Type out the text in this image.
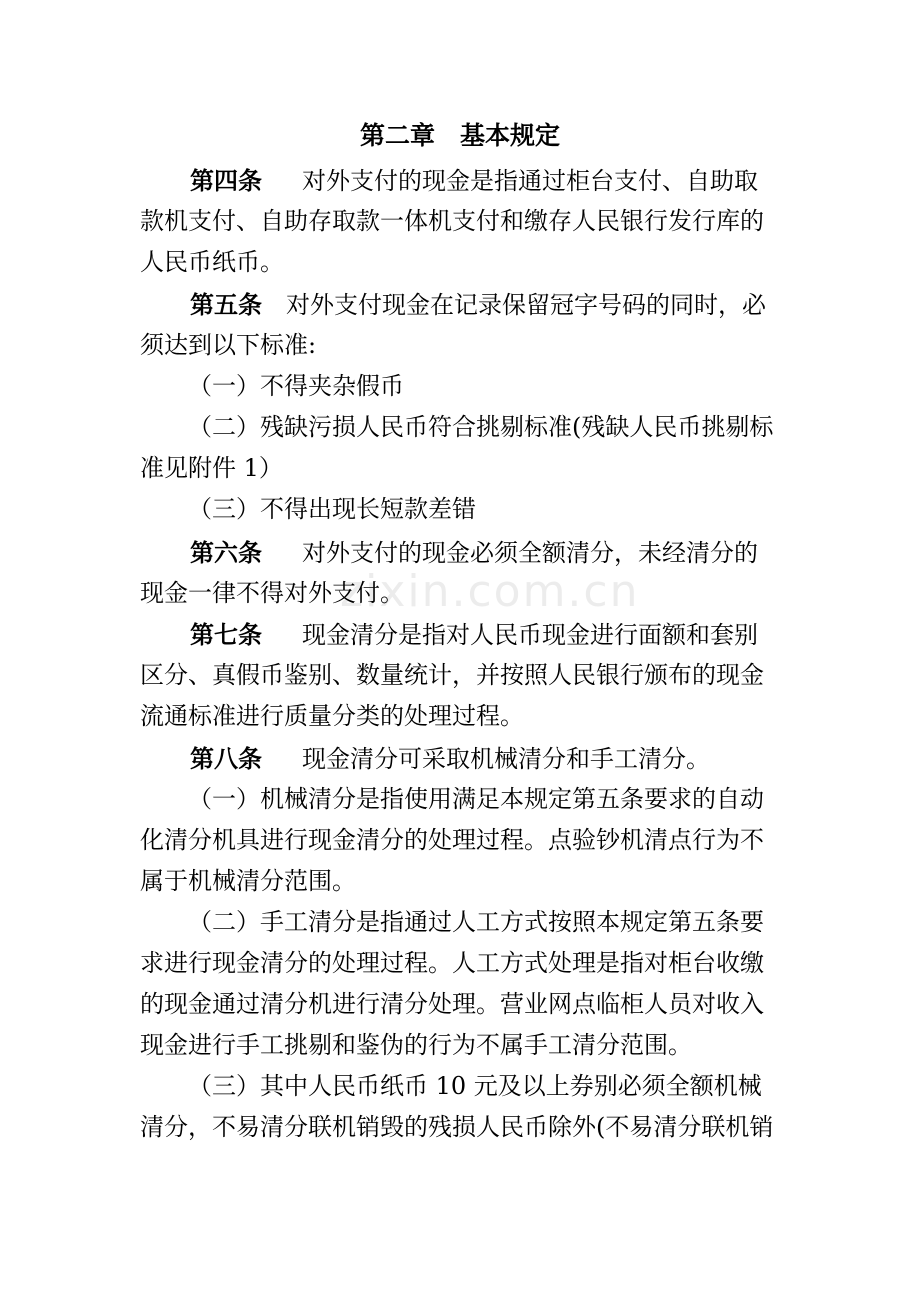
第二章　基本规定
zixin.com.cn
第四条 对外支付的现金是指通过柜台支付、自助取
款机支付、自助存取款一体机支付和缴存人民银行发行库的
人民币纸币。
第五条 对外支付现金在记录保留冠字号码的同时，必
须达到以下标准:
（一）不得夹杂假币
（二）残缺污损人民币符合挑剔标准(残缺人民币挑剔标
准见附件 1）
（三）不得出现长短款差错
第六条 对外支付的现金必须全额清分，未经清分的
现金一律不得对外支付。
第七条 现金清分是指对人民币现金进行面额和套别
区分、真假币鉴别、数量统计，并按照人民银行颁布的现金
流通标准进行质量分类的处理过程。
第八条 现金清分可采取机械清分和手工清分。
（一）机械清分是指使用满足本规定第五条要求的自动
化清分机具进行现金清分的处理过程。点验钞机清点行为不
属于机械清分范围。
（二）手工清分是指通过人工方式按照本规定第五条要
求进行现金清分的处理过程。人工方式处理是指对柜台收缴
的现金通过清分机进行清分处理。营业网点临柜人员对收入
现金进行手工挑剔和鉴伪的行为不属手工清分范围。
（三）其中人民币纸币 10 元及以上券别必须全额机械
清分，不易清分联机销毁的残损人民币除外(不易清分联机销
